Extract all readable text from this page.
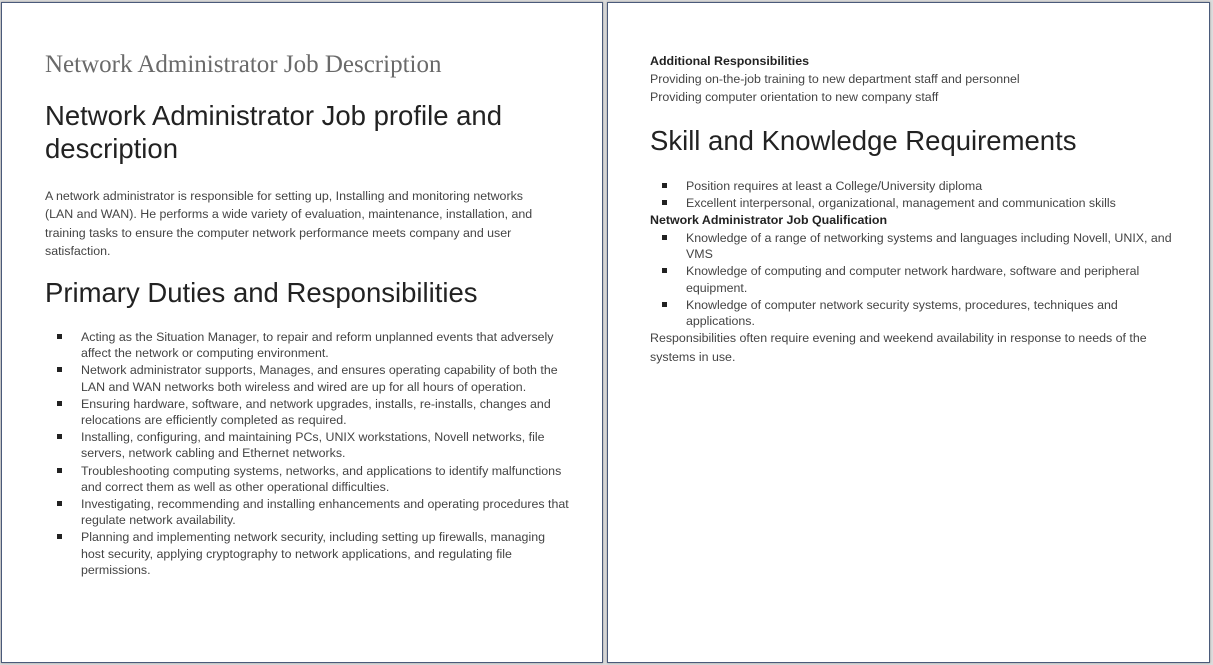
Network Administrator Job Description
Network Administrator Job profile and description
A network administrator is responsible for setting up, Installing and monitoring networks (LAN and WAN). He performs a wide variety of evaluation, maintenance, installation, and training tasks to ensure the computer network performance meets company and user satisfaction.
Primary Duties and Responsibilities
Acting as the Situation Manager, to repair and reform unplanned events that adversely affect the network or computing environment.
Network administrator supports, Manages, and ensures operating capability of both the LAN and WAN networks both wireless and wired are up for all hours of operation.
Ensuring hardware, software, and network upgrades, installs, re-installs, changes and relocations are efficiently completed as required.
Installing, configuring, and maintaining PCs, UNIX workstations, Novell networks, file servers, network cabling and Ethernet networks.
Troubleshooting computing systems, networks, and applications to identify malfunctions and correct them as well as other operational difficulties.
Investigating, recommending and installing enhancements and operating procedures that regulate network availability.
Planning and implementing network security, including setting up firewalls, managing host security, applying cryptography to network applications, and regulating file permissions.
Additional Responsibilities
Providing on-the-job training to new department staff and personnel
Providing computer orientation to new company staff
Skill and Knowledge Requirements
Position requires at least a College/University diploma
Excellent interpersonal, organizational, management and communication skills
Network Administrator Job Qualification
Knowledge of a range of networking systems and languages including Novell, UNIX, and VMS
Knowledge of computing and computer network hardware, software and peripheral equipment.
Knowledge of computer network security systems, procedures, techniques and applications.
Responsibilities often require evening and weekend availability in response to needs of the systems in use.
